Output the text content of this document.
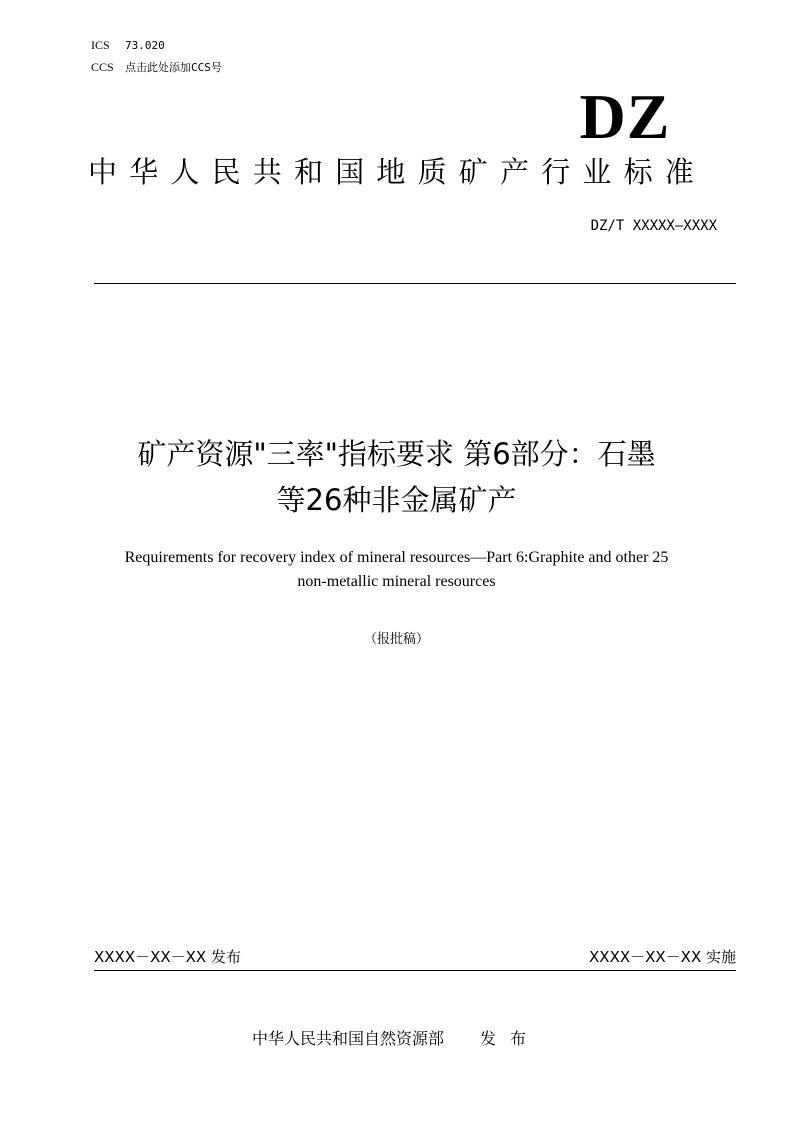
ICS 73.020
CCS 点击此处添加CCS号
DZ
中华人民共和国地质矿产行业标准
DZ/T XXXXX—XXXX
矿产资源"三率"指标要求 第6部分：石墨
等26种非金属矿产
Requirements for recovery index of mineral resources—Part 6:Graphite and other 25
non-metallic mineral resources
（报批稿）
XXXX－XX－XX 发布	XXXX－XX－XX 实施
中华人民共和国自然资源部 发布
